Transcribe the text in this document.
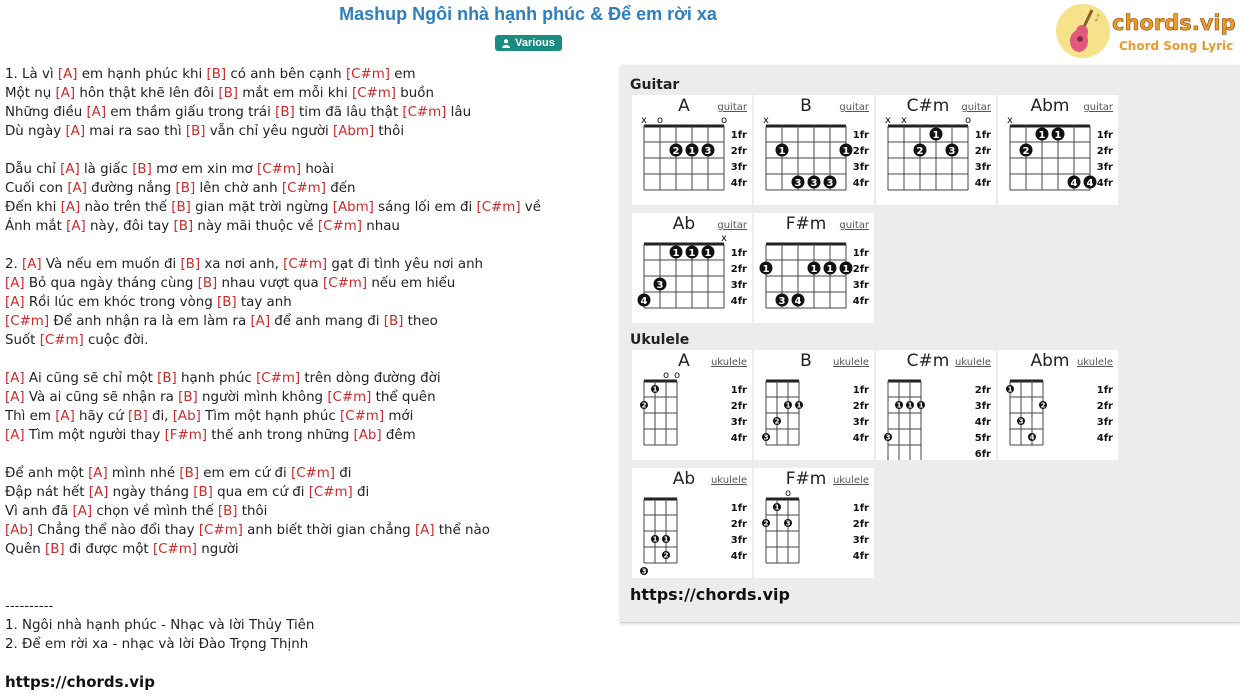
Mashup Ngôi nhà hạnh phúc & Để em rời xa
Various
♪ chords.vip
Chord Song Lyric
1. Là vì [A] em hạnh phúc khi [B] có anh bên cạnh [C#m] em
Một nụ [A] hôn thật khẽ lên đôi [B] mắt em mỗi khi [C#m] buồn
Những điều [A] em thầm giấu trong trái [B] tim đã lâu thật [C#m] lâu
Dù ngày [A] mai ra sao thì [B] vẫn chỉ yêu người [Abm] thôi
Dẫu chỉ [A] là giấc [B] mơ em xin mơ [C#m] hoài
Cuối con [A] đường nắng [B] lên chờ anh [C#m] đến
Đến khi [A] nào trên thế [B] gian mặt trời ngừng [Abm] sáng lối em đi [C#m] về
Ánh mắt [A] này, đôi tay [B] này mãi thuộc về [C#m] nhau
2. [A] Và nếu em muốn đi [B] xa nơi anh, [C#m] gạt đi tình yêu nơi anh
[A] Bỏ qua ngày tháng cùng [B] nhau vượt qua [C#m] nếu em hiểu
[A] Rồi lúc em khóc trong vòng [B] tay anh
[C#m] Để anh nhận ra là em làm ra [A] để anh mang đi [B] theo
Suốt [C#m] cuộc đời.
[A] Ai cũng sẽ chỉ một [B] hạnh phúc [C#m] trên dòng đường đời
[A] Và ai cũng sẽ nhận ra [B] người mình không [C#m] thể quên
Thì em [A] hãy cứ [B] đi, [Ab] Tìm một hạnh phúc [C#m] mới
[A] Tìm một người thay [F#m] thế anh trong những [Ab] đêm
Để anh một [A] mình nhé [B] em em cứ đi [C#m] đi
Đập nát hết [A] ngày tháng [B] qua em cứ đi [C#m] đi
Vì anh đã [A] chọn về mình thế [B] thôi
[Ab] Chẳng thể nào đổi thay [C#m] anh biết thời gian chẳng [A] thể nào
Quên [B] đi được một [C#m] người
----------
1. Ngôi nhà hạnh phúc - Nhạc và lời Thủy Tiên
2. Để em rời xa - nhạc và lời Đào Trọng Thịnh
https://chords.vip
Guitar
A	guitar
1fr
2fr
3fr
4fr
x o	o
2 1 3
B	guitar
1fr
2fr
3fr
4fr
x
1	1
3 3 3
C#m	guitar
1fr
2fr
3fr
4fr
x x	o
1
2	3
Abm	guitar
1fr
2fr
3fr
4fr
x
1 1
2
4 4
Ab	guitar
1fr
2fr
3fr
4fr
x
1 1 1
3
4
F#m	guitar
1fr
2fr
3fr
4fr
1	1 1 1
3 4
Ukulele
A	ukulele
1fr
2fr
3fr
4fr
o o
1
2
B	ukulele
1fr
2fr
3fr
4fr
1 1
2
3
C#m ukulele
2fr
3fr
4fr
5fr
6fr
1 1 1
3
Abm ukulele
1fr
2fr
3fr
4fr
1
2
3
4
Ab	ukulele
1fr
2fr
3fr
4fr
1 1
2
3
F#m ukulele
1fr
2fr
3fr
4fr
o
1
2 3
https://chords.vip
